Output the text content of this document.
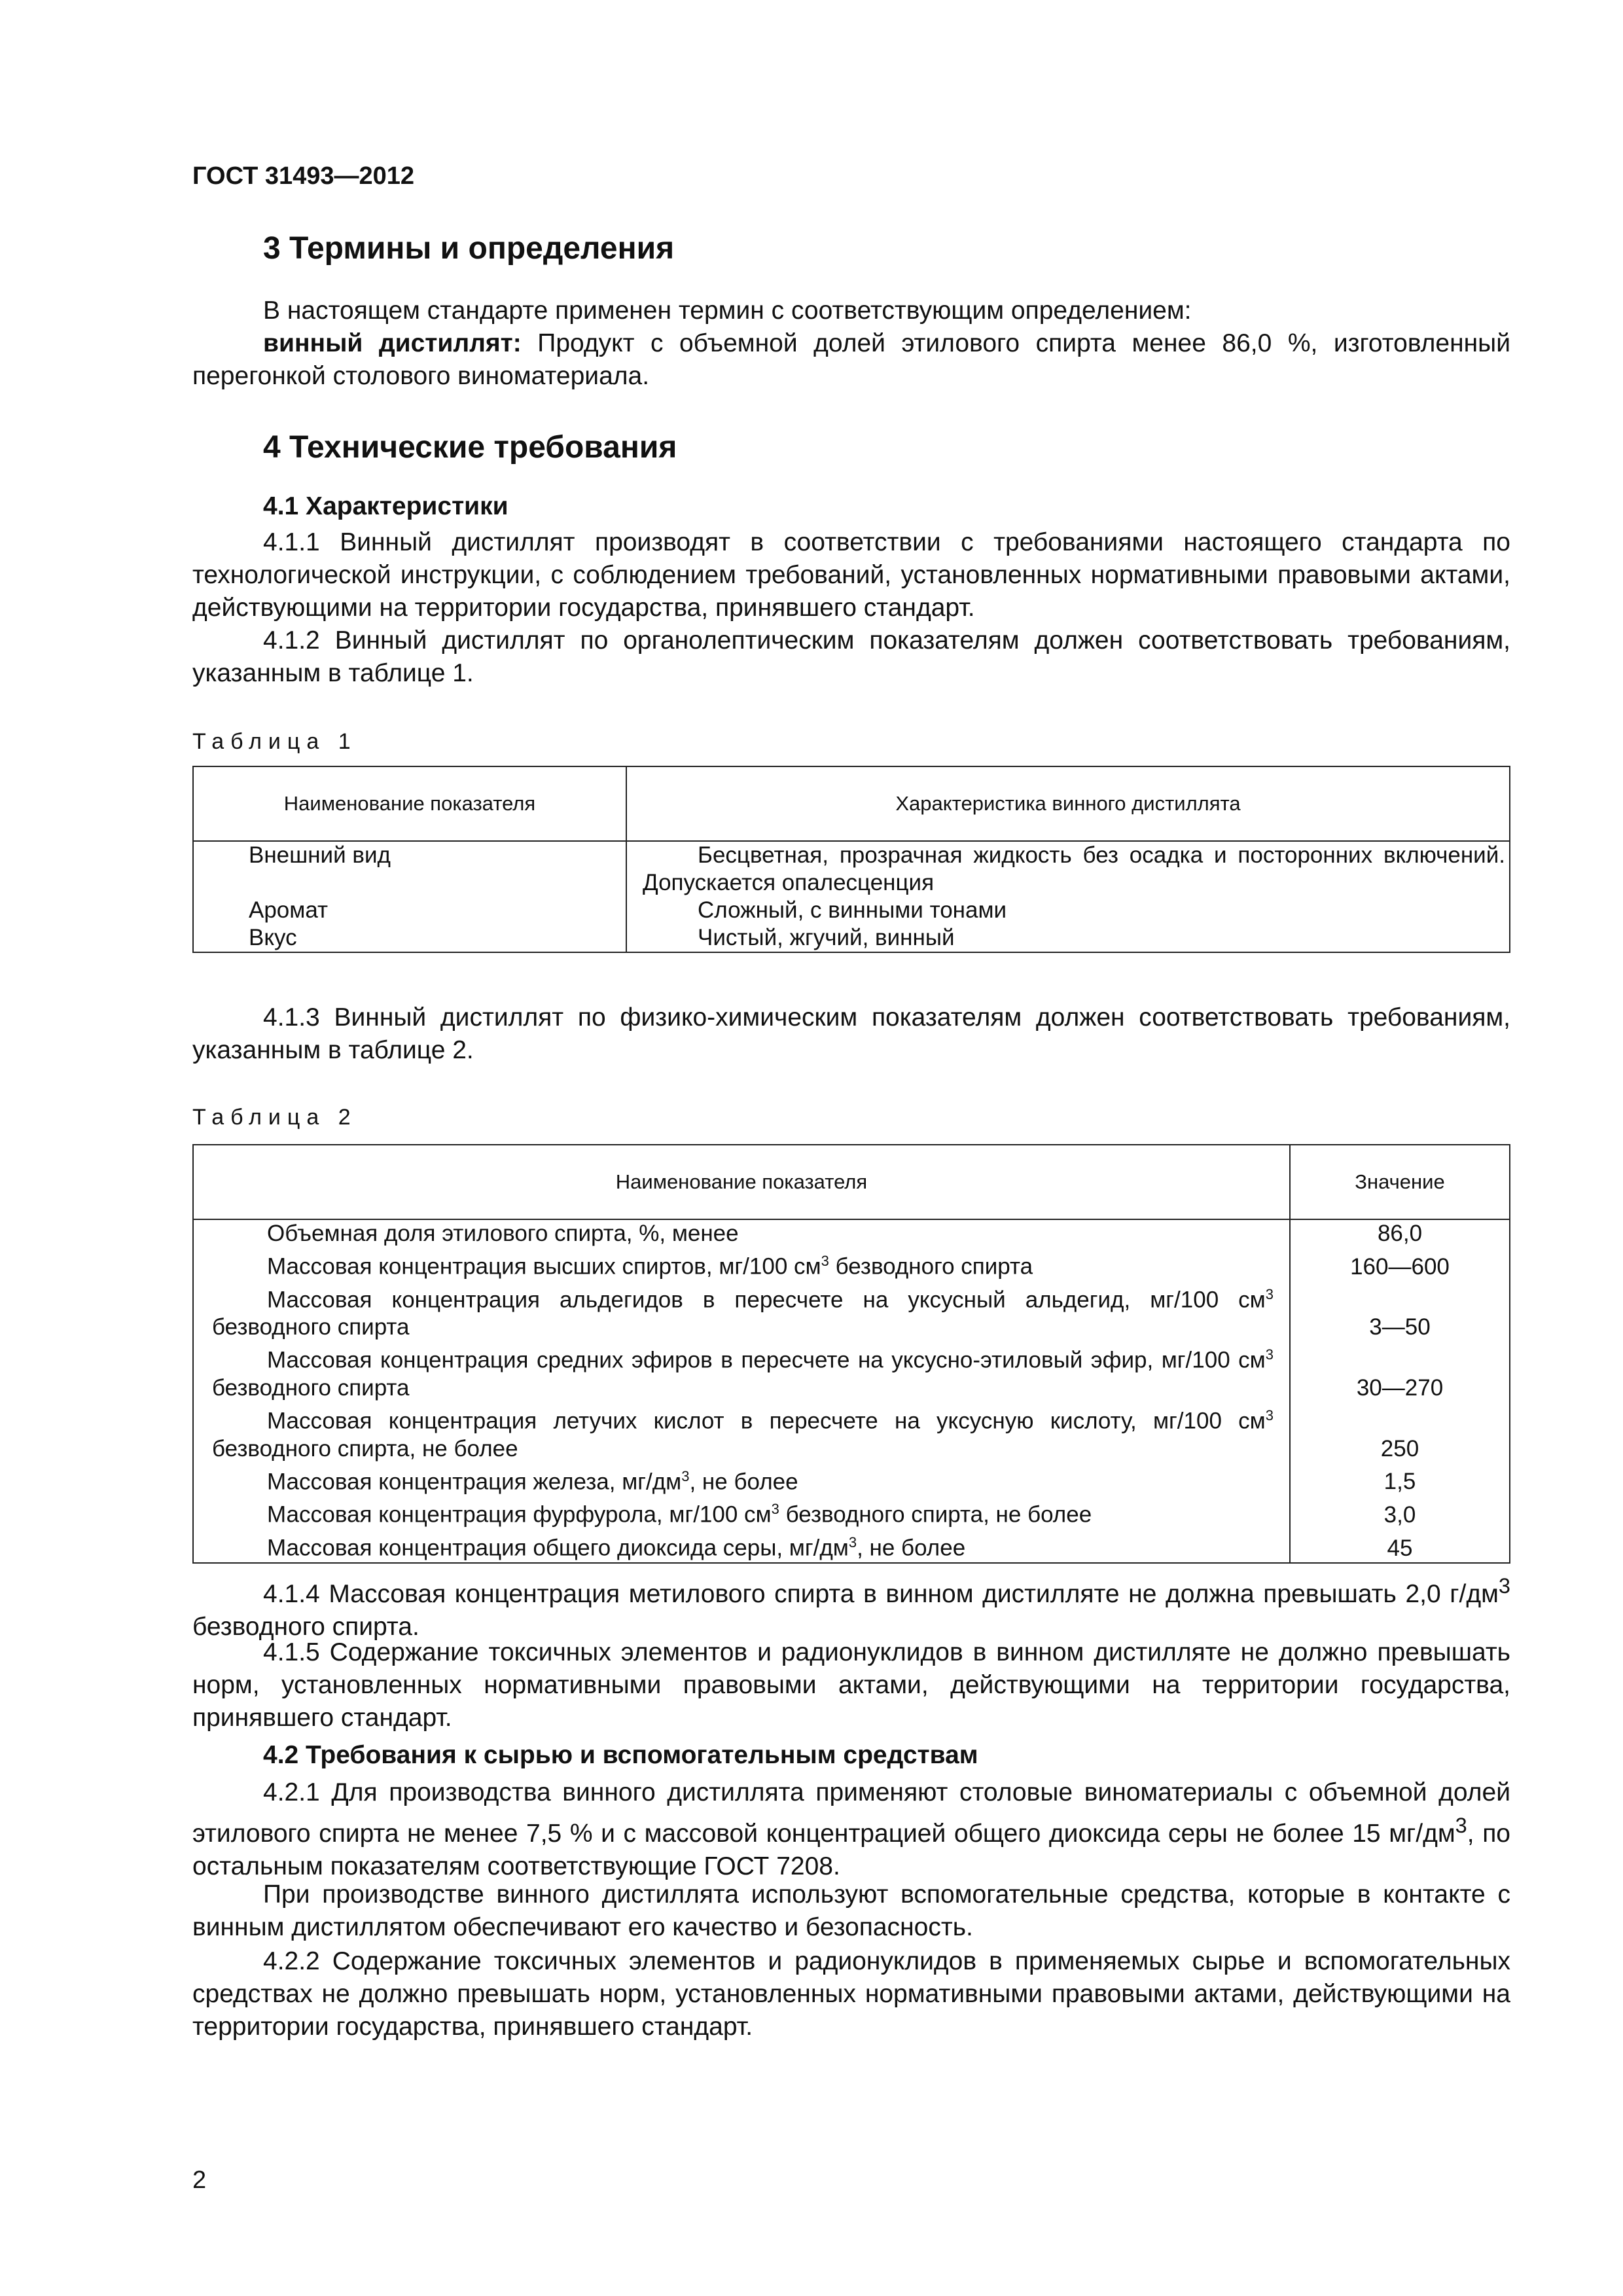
ГОСТ 31493—2012
3 Термины и определения
В настоящем стандарте применен термин с соответствующим определением:
винный дистиллят: Продукт с объемной долей этилового спирта менее 86,0 %, изготовленный перегонкой столового виноматериала.
4 Технические требования
4.1 Характеристики
4.1.1 Винный дистиллят производят в соответствии с требованиями настоящего стандарта по технологической инструкции, с соблюдением требований, установленных нормативными правовыми актами, действующими на территории государства, принявшего стандарт.
4.1.2 Винный дистиллят по органолептическим показателям должен соответствовать требованиям, указанным в таблице 1.
Таблица 1
Наименование показателя	Характеристика винного дистиллята
Внешний вид	Бесцветная, прозрачная жидкость без осадка и посторонних включений. Допускается опалесценция

Аромат	Сложный, с винными тонами

Вкус	Чистый, жгучий, винный
4.1.3 Винный дистиллят по физико-химическим показателям должен соответствовать требованиям, указанным в таблице 2.
Таблица 2
Наименование показателя	Значение

Объемная доля этилового спирта, %, менее	86,0

Массовая концентрация высших спиртов, мг/100 $см^3$ безводного спирта	160—600

Массовая концентрация альдегидов в пересчете на уксусный альдегид, мг/100 $см^3$ безводного спирта	3—50

Массовая концентрация средних эфиров в пересчете на уксусно-этиловый эфир, мг/100 $см^3$ безводного спирта	30—270

Массовая концентрация летучих кислот в пересчете на уксусную кислоту, мг/100 $см^3$ безводного спирта, не более	250

Массовая концентрация железа, $мг/дм^3$, не более	1,5

Массовая концентрация фурфурола, мг/100 $см^3$ безводного спирта, не более	3,0

Массовая концентрация общего диоксида серы, $мг/дм^3$, не более	45
4.1.4 Массовая концентрация метилового спирта в винном дистилляте не должна превышать 2,0 $г/дм^3$ безводного спирта.
4.1.5 Содержание токсичных элементов и радионуклидов в винном дистилляте не должно превышать норм, установленных нормативными правовыми актами, действующими на территории государства, принявшего стандарт.
4.2 Требования к сырью и вспомогательным средствам
4.2.1 Для производства винного дистиллята применяют столовые виноматериалы с объемной долей этилового спирта не менее 7,5 % и с массовой концентрацией общего диоксида серы не более 15 $мг/дм^3$, по остальным показателям соответствующие ГОСТ 7208.
При производстве винного дистиллята используют вспомогательные средства, которые в контакте с винным дистиллятом обеспечивают его качество и безопасность.
4.2.2 Содержание токсичных элементов и радионуклидов в применяемых сырье и вспомогательных средствах не должно превышать норм, установленных нормативными правовыми актами, действующими на территории государства, принявшего стандарт.
2
